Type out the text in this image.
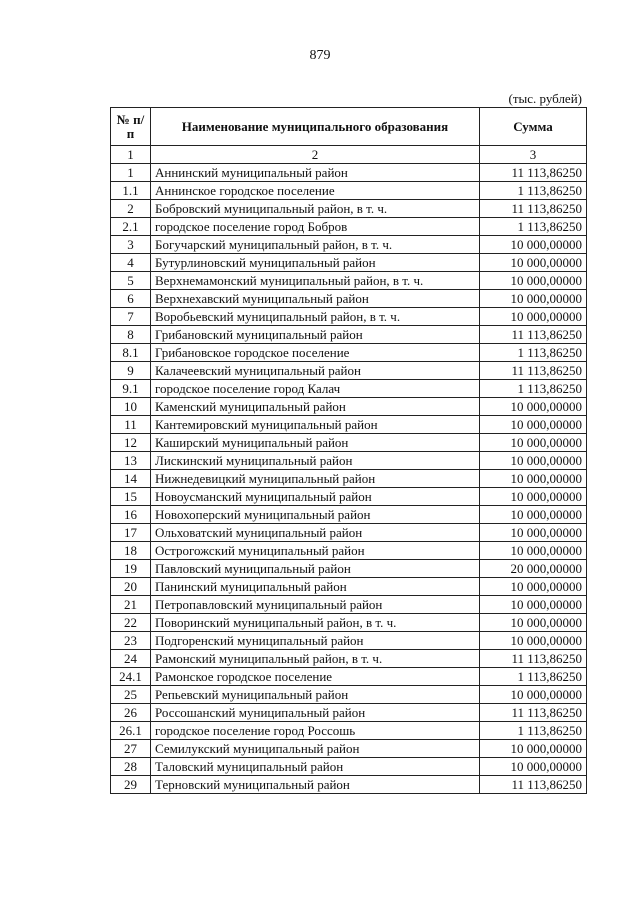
879
(тыс. рублей)
№ п/п	Наименование муниципального образования	Сумма
1	2	3
1	Аннинский муниципальный район	11 113,86250
1.1	Аннинское городское поселение	1 113,86250
2	Бобровский муниципальный район, в т. ч.	11 113,86250
2.1	городское поселение город Бобров	1 113,86250
3	Богучарский муниципальный район, в т. ч.	10 000,00000
4	Бутурлиновский муниципальный район	10 000,00000
5	Верхнемамонский муниципальный район, в т. ч.	10 000,00000
6	Верхнехавский муниципальный район	10 000,00000
7	Воробьевский муниципальный район, в т. ч.	10 000,00000
8	Грибановский муниципальный район	11 113,86250
8.1	Грибановское городское поселение	1 113,86250
9	Калачеевский муниципальный район	11 113,86250
9.1	городское поселение город Калач	1 113,86250
10	Каменский муниципальный район	10 000,00000
11	Кантемировский муниципальный район	10 000,00000
12	Каширский муниципальный район	10 000,00000
13	Лискинский муниципальный район	10 000,00000
14	Нижнедевицкий муниципальный район	10 000,00000
15	Новоусманский муниципальный район	10 000,00000
16	Новохоперский муниципальный район	10 000,00000
17	Ольховатский муниципальный район	10 000,00000
18	Острогожский муниципальный район	10 000,00000
19	Павловский муниципальный район	20 000,00000
20	Панинский муниципальный район	10 000,00000
21	Петропавловский муниципальный район	10 000,00000
22	Поворинский муниципальный район, в т. ч.	10 000,00000
23	Подгоренский муниципальный район	10 000,00000
24	Рамонский муниципальный район, в т. ч.	11 113,86250
24.1	Рамонское городское поселение	1 113,86250
25	Репьевский муниципальный район	10 000,00000
26	Россошанский муниципальный район	11 113,86250
26.1	городское поселение город Россошь	1 113,86250
27	Семилукский муниципальный район	10 000,00000
28	Таловский муниципальный район	10 000,00000
29	Терновский муниципальный район	11 113,86250
